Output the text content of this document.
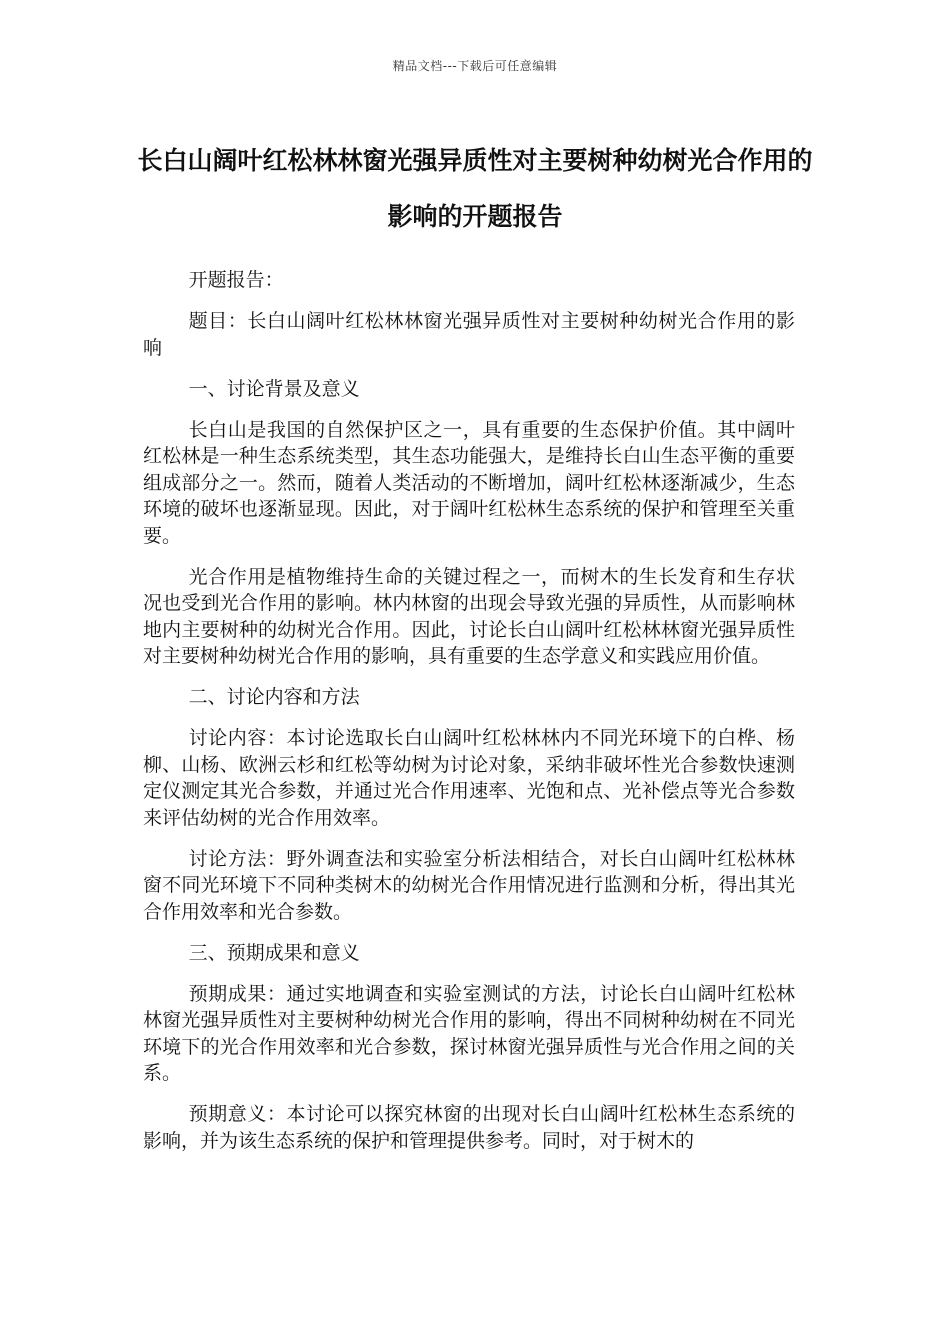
精品文档---下载后可任意编辑
长白山阔叶红松林林窗光强异质性对主要树种幼树光合作用的影响的开题报告

开题报告：

题目：长白山阔叶红松林林窗光强异质性对主要树种幼树光合作用的影响

一、讨论背景及意义

长白山是我国的自然保护区之一，具有重要的生态保护价值。其中阔叶红松林是一种生态系统类型，其生态功能强大，是维持长白山生态平衡的重要组成部分之一。然而，随着人类活动的不断增加，阔叶红松林逐渐减少，生态环境的破坏也逐渐显现。因此，对于阔叶红松林生态系统的保护和管理至关重要。

光合作用是植物维持生命的关键过程之一，而树木的生长发育和生存状况也受到光合作用的影响。林内林窗的出现会导致光强的异质性，从而影响林地内主要树种的幼树光合作用。因此，讨论长白山阔叶红松林林窗光强异质性对主要树种幼树光合作用的影响，具有重要的生态学意义和实践应用价值。

二、讨论内容和方法

讨论内容：本讨论选取长白山阔叶红松林林内不同光环境下的白桦、杨柳、山杨、欧洲云杉和红松等幼树为讨论对象，采纳非破坏性光合参数快速测定仪测定其光合参数，并通过光合作用速率、光饱和点、光补偿点等光合参数来评估幼树的光合作用效率。

讨论方法：野外调查法和实验室分析法相结合，对长白山阔叶红松林林窗不同光环境下不同种类树木的幼树光合作用情况进行监测和分析，得出其光合作用效率和光合参数。

三、预期成果和意义

预期成果：通过实地调查和实验室测试的方法，讨论长白山阔叶红松林林窗光强异质性对主要树种幼树光合作用的影响，得出不同树种幼树在不同光环境下的光合作用效率和光合参数，探讨林窗光强异质性与光合作用之间的关系。

预期意义：本讨论可以探究林窗的出现对长白山阔叶红松林生态系统的影响，并为该生态系统的保护和管理提供参考。同时，对于树木的
